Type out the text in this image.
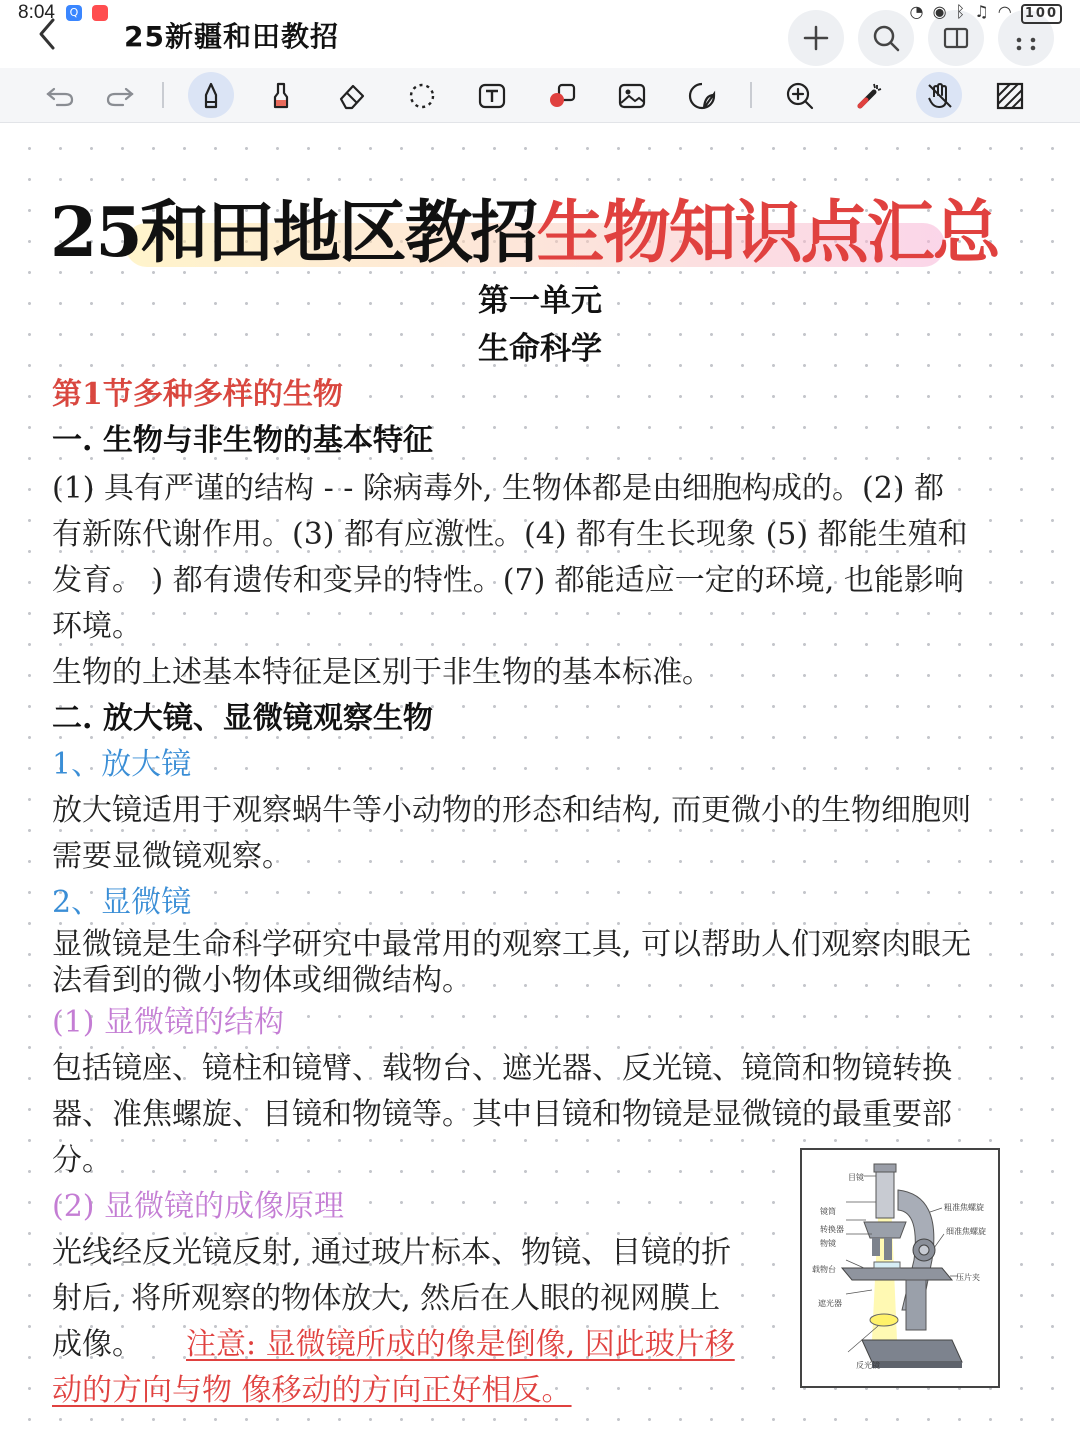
8:04	Q
25新疆和田教招
◔ ◉ ᛒ ♫ ◠ 100
25和田地区教招生物知识点汇总
第一单元
生命科学
第1节多种多样的生物
一. 生物与非生物的基本特征
(1) 具有严谨的结构 - - 除病毒外, 生物体都是由细胞构成的。(2) 都
有新陈代谢作用。(3) 都有应激性。(4) 都有生长现象 (5) 都能生殖和
发育。 ) 都有遗传和变异的特性。(7) 都能适应一定的环境, 也能影响
环境。
生物的上述基本特征是区别于非生物的基本标准。
二. 放大镜、显微镜观察生物
1、放大镜
放大镜适用于观察蜗牛等小动物的形态和结构, 而更微小的生物细胞则
需要显微镜观察。
2、显微镜
显微镜是生命科学研究中最常用的观察工具, 可以帮助人们观察肉眼无
法看到的微小物体或细微结构。
(1) 显微镜的结构
包括镜座、镜柱和镜臂、载物台、遮光器、反光镜、镜筒和物镜转换
器、准焦螺旋、目镜和物镜等。其中目镜和物镜是显微镜的最重要部
分。
(2) 显微镜的成像原理
光线经反光镜反射, 通过玻片标本、物镜、目镜的折
射后, 将所观察的物体放大, 然后在人眼的视网膜上
成像。 注意: 显微镜所成的像是倒像, 因此玻片移
动的方向与物 像移动的方向正好相反。
目镜
镜筒
转换器
物镜
载物台
遮光器
反光镜
粗准焦螺旋
细准焦螺旋
压片夹
